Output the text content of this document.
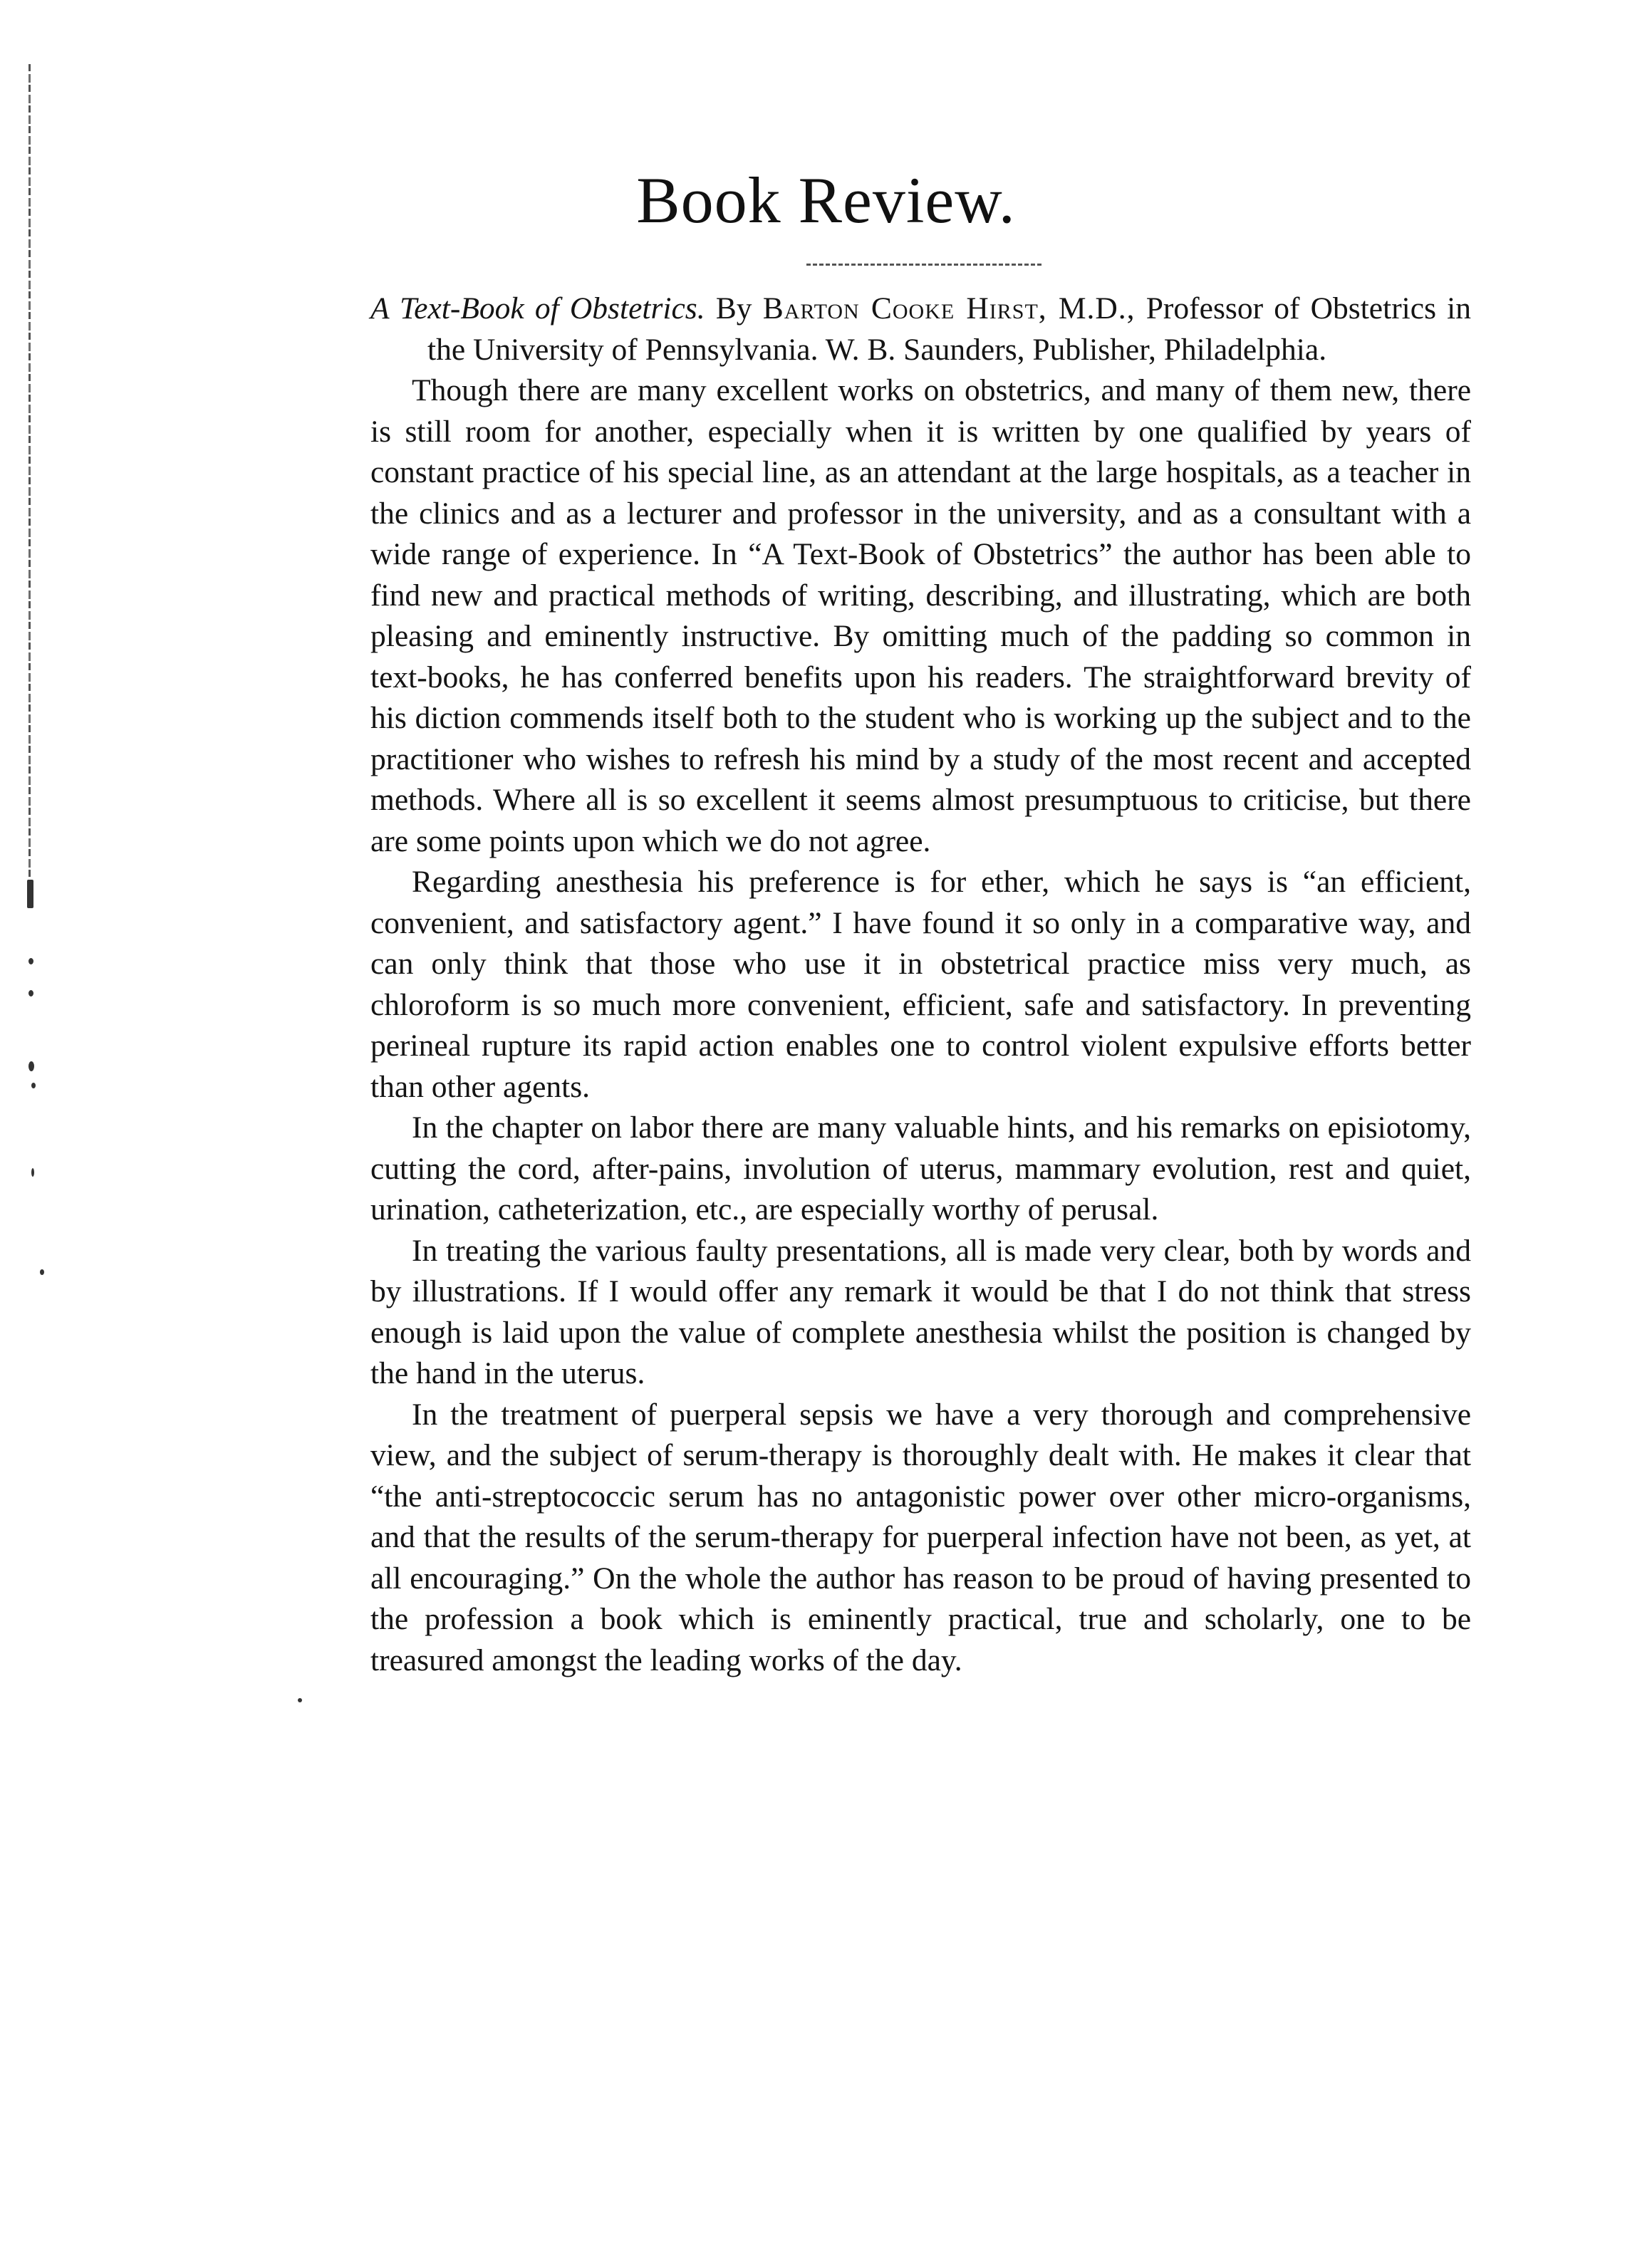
Book Review.

A Text-Book of Obstetrics. By Barton Cooke Hirst, M.D., Professor of Obstetrics in the University of Pennsylvania. W. B. Saunders, Publisher, Philadelphia.

Though there are many excellent works on obstetrics, and many of them new, there is still room for another, especially when it is written by one qualified by years of constant practice of his special line, as an attendant at the large hospitals, as a teacher in the clinics and as a lecturer and professor in the university, and as a consultant with a wide range of experience. In “A Text-Book of Obstetrics” the author has been able to find new and practical methods of writing, describing, and illustrating, which are both pleasing and eminently instructive. By omitting much of the padding so common in text-books, he has conferred benefits upon his readers. The straightforward brevity of his diction commends itself both to the student who is working up the subject and to the practitioner who wishes to refresh his mind by a study of the most recent and accepted methods. Where all is so excellent it seems almost presumptuous to criticise, but there are some points upon which we do not agree.

Regarding anesthesia his preference is for ether, which he says is “an efficient, convenient, and satisfactory agent.” I have found it so only in a comparative way, and can only think that those who use it in obstetrical practice miss very much, as chloroform is so much more convenient, efficient, safe and satisfactory. In preventing perineal rupture its rapid action enables one to control violent expulsive efforts better than other agents.

In the chapter on labor there are many valuable hints, and his remarks on episiotomy, cutting the cord, after-pains, involution of uterus, mammary evolution, rest and quiet, urination, catheterization, etc., are especially worthy of perusal.

In treating the various faulty presentations, all is made very clear, both by words and by illustrations. If I would offer any remark it would be that I do not think that stress enough is laid upon the value of complete anesthesia whilst the position is changed by the hand in the uterus.

In the treatment of puerperal sepsis we have a very thorough and comprehensive view, and the subject of serum-therapy is thoroughly dealt with. He makes it clear that “the anti-streptococcic serum has no antagonistic power over other micro-organisms, and that the results of the serum-therapy for puerperal infection have not been, as yet, at all encouraging.” On the whole the author has reason to be proud of having presented to the profession a book which is eminently practical, true and scholarly, one to be treasured amongst the leading works of the day.
